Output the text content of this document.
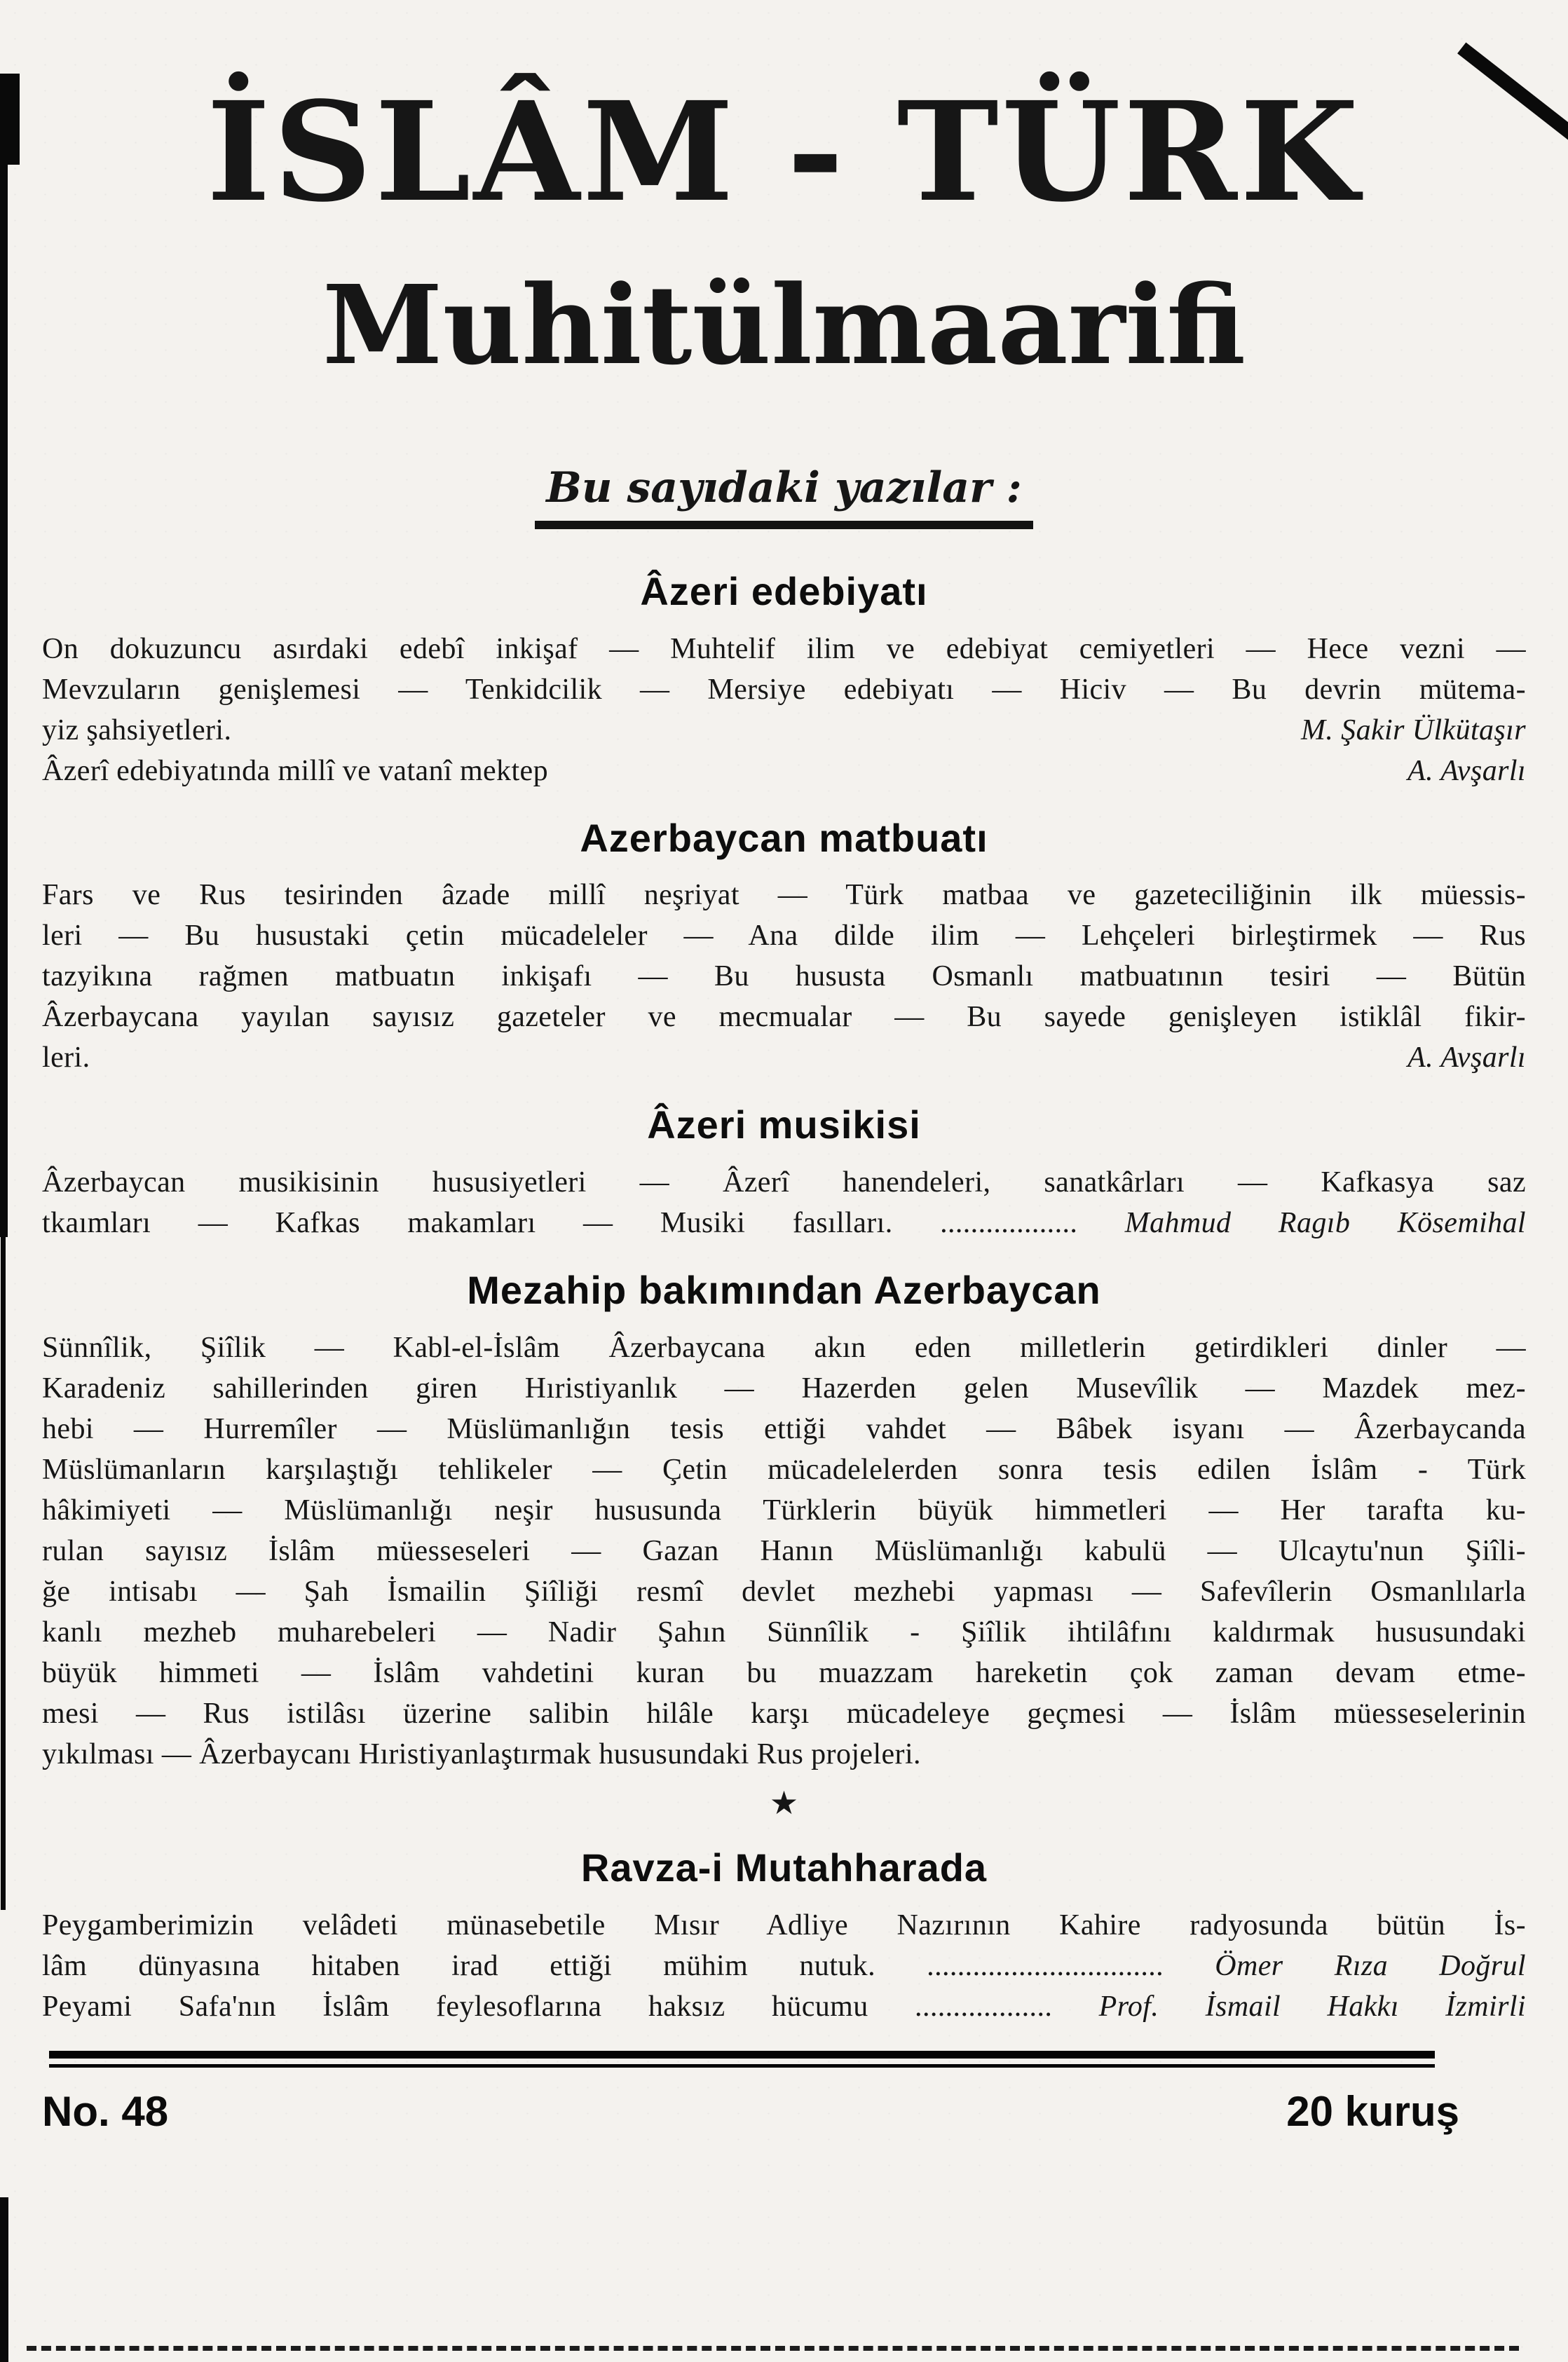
İSLÂM - TÜRK
Muhitülmaarifi
Bu sayıdaki yazılar :
Âzeri edebiyatı
On dokuzuncu asırdaki edebî inkişaf — Muhtelif ilim ve edebiyat cemiyetleri — Hece vezni —
Mevzuların genişlemesi — Tenkidcilik — Mersiye edebiyatı — Hiciv — Bu devrin mütema-
yiz şahsiyetleri.	M. Şakir Ülkütaşır
Âzerî edebiyatında millî ve vatanî mektep	A. Avşarlı
Azerbaycan matbuatı
Fars ve Rus tesirinden âzade millî neşriyat — Türk matbaa ve gazeteciliğinin ilk müessis-
leri — Bu husustaki çetin mücadeleler — Ana dilde ilim — Lehçeleri birleştirmek — Rus
tazyikına rağmen matbuatın inkişafı — Bu hususta Osmanlı matbuatının tesiri — Bütün
Âzerbaycana yayılan sayısız gazeteler ve mecmualar — Bu sayede genişleyen istiklâl fikir-
leri.	A. Avşarlı
Âzeri musikisi
Âzerbaycan musikisinin hususiyetleri — Âzerî hanendeleri, sanatkârları — Kafkasya saz
tkaımları — Kafkas makamları — Musiki fasılları. .................. Mahmud Ragıb Kösemihal
Mezahip bakımından Azerbaycan
Sünnîlik, Şiîlik — Kabl-el-İslâm Âzerbaycana akın eden milletlerin getirdikleri dinler —
Karadeniz sahillerinden giren Hıristiyanlık — Hazerden gelen Musevîlik — Mazdek mez-
hebi — Hurremîler — Müslümanlığın tesis ettiği vahdet — Bâbek isyanı — Âzerbaycanda
Müslümanların karşılaştığı tehlikeler — Çetin mücadelelerden sonra tesis edilen İslâm - Türk
hâkimiyeti — Müslümanlığı neşir hususunda Türklerin büyük himmetleri — Her tarafta ku-
rulan sayısız İslâm müesseseleri — Gazan Hanın Müslümanlığı kabulü — Ulcaytu'nun Şiîli-
ğe intisabı — Şah İsmailin Şiîliği resmî devlet mezhebi yapması — Safevîlerin Osmanlılarla
kanlı mezheb muharebeleri — Nadir Şahın Sünnîlik - Şiîlik ihtilâfını kaldırmak hususundaki
büyük himmeti — İslâm vahdetini kuran bu muazzam hareketin çok zaman devam etme-
mesi — Rus istilâsı üzerine salibin hilâle karşı mücadeleye geçmesi — İslâm müesseselerinin
yıkılması — Âzerbaycanı Hıristiyanlaştırmak hususundaki Rus projeleri.
★
Ravza-i Mutahharada
Peygamberimizin velâdeti münasebetile Mısır Adliye Nazırının Kahire radyosunda bütün İs-
lâm dünyasına hitaben irad ettiği mühim nutuk. ............................... Ömer Rıza Doğrul
Peyami Safa'nın İslâm feylesoflarına haksız hücumu .................. Prof. İsmail Hakkı İzmirli
No. 48	20 kuruş
